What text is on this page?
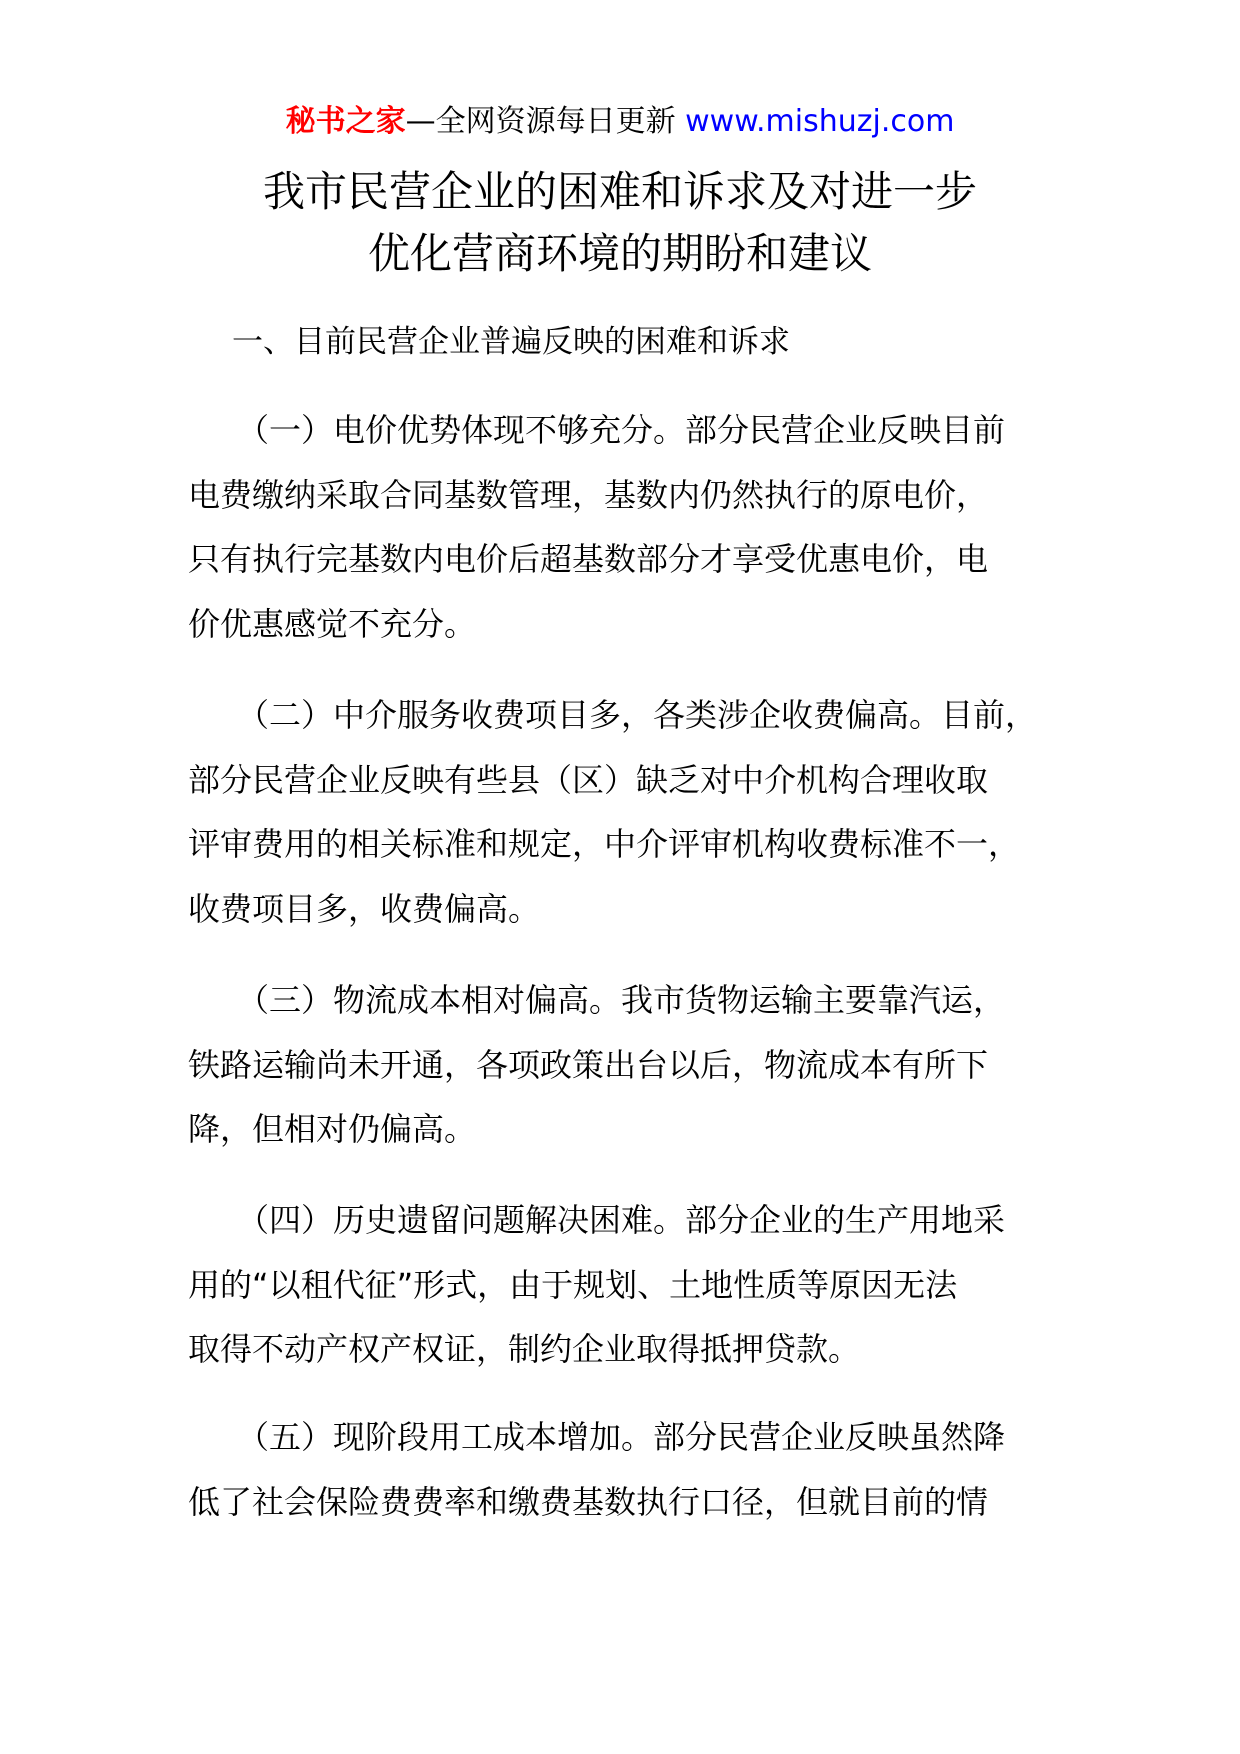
秘书之家—全网资源每日更新 www.mishuzj.com
我市民营企业的困难和诉求及对进一步
优化营商环境的期盼和建议
一、目前民营企业普遍反映的困难和诉求
（一）电价优势体现不够充分。部分民营企业反映目前
电费缴纳采取合同基数管理，基数内仍然执行的原电价，
只有执行完基数内电价后超基数部分才享受优惠电价，电
价优惠感觉不充分。
（二）中介服务收费项目多，各类涉企收费偏高。目前，
部分民营企业反映有些县（区）缺乏对中介机构合理收取
评审费用的相关标准和规定，中介评审机构收费标准不一，
收费项目多，收费偏高。
（三）物流成本相对偏高。我市货物运输主要靠汽运，
铁路运输尚未开通，各项政策出台以后，物流成本有所下
降，但相对仍偏高。
（四）历史遗留问题解决困难。部分企业的生产用地采
用的“以租代征”形式，由于规划、土地性质等原因无法
取得不动产权产权证，制约企业取得抵押贷款。
（五）现阶段用工成本增加。部分民营企业反映虽然降
低了社会保险费费率和缴费基数执行口径，但就目前的情
